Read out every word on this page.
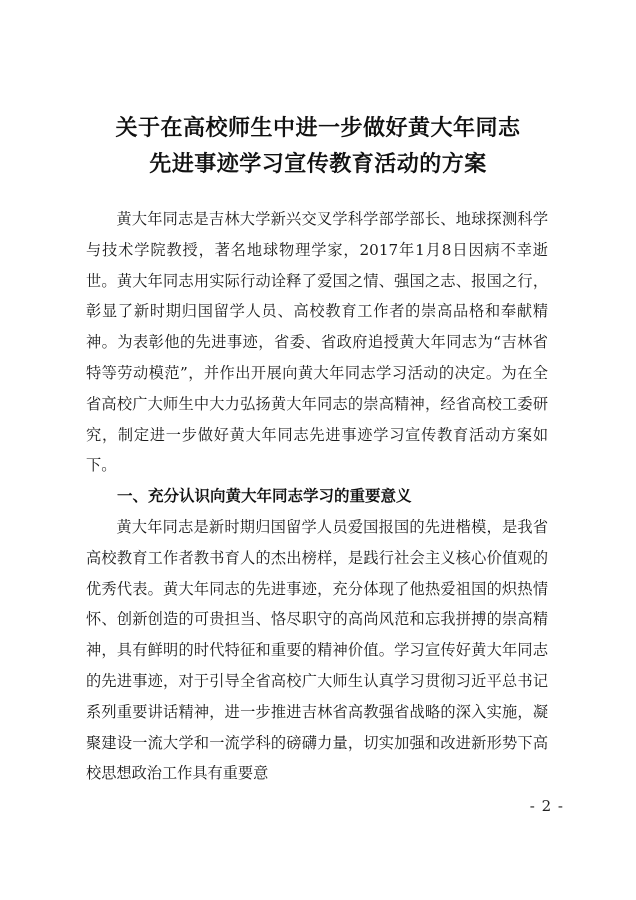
关于在高校师生中进一步做好黄大年同志
先进事迹学习宣传教育活动的方案

黄大年同志是吉林大学新兴交叉学科学部学部长、地球探测科学与技术学院教授，著名地球物理学家，2017年1月8日因病不幸逝世。黄大年同志用实际行动诠释了爱国之情、强国之志、报国之行，彰显了新时期归国留学人员、高校教育工作者的崇高品格和奉献精神。为表彰他的先进事迹，省委、省政府追授黄大年同志为“吉林省特等劳动模范”，并作出开展向黄大年同志学习活动的决定。为在全省高校广大师生中大力弘扬黄大年同志的崇高精神，经省高校工委研究，制定进一步做好黄大年同志先进事迹学习宣传教育活动方案如下。

一、充分认识向黄大年同志学习的重要意义

黄大年同志是新时期归国留学人员爱国报国的先进楷模，是我省高校教育工作者教书育人的杰出榜样，是践行社会主义核心价值观的优秀代表。黄大年同志的先进事迹，充分体现了他热爱祖国的炽热情怀、创新创造的可贵担当、恪尽职守的高尚风范和忘我拼搏的崇高精神，具有鲜明的时代特征和重要的精神价值。学习宣传好黄大年同志的先进事迹，对于引导全省高校广大师生认真学习贯彻习近平总书记系列重要讲话精神，进一步推进吉林省高教强省战略的深入实施，凝聚建设一流大学和一流学科的磅礴力量，切实加强和改进新形势下高校思想政治工作具有重要意

- 2 -
